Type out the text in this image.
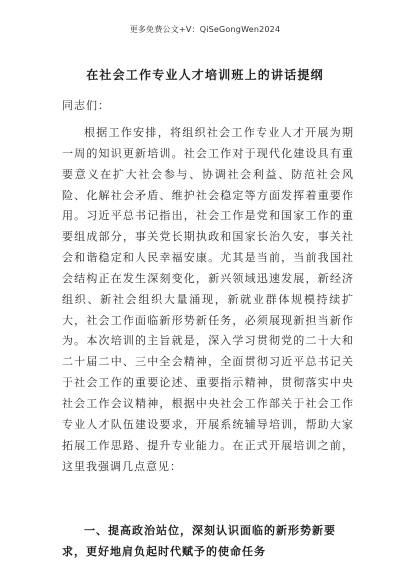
更多免费公文+V：QiSeGongWen2024
在社会工作专业人才培训班上的讲话提纲
同志们：

根据工作安排，将组织社会工作专业人才开展为期一周的知识更新培训。社会工作对于现代化建设具有重要意义在扩大社会参与、协调社会利益、防范社会风险、化解社会矛盾、维护社会稳定等方面发挥着重要作用。习近平总书记指出，社会工作是党和国家工作的重要组成部分，事关党长期执政和国家长治久安，事关社会和谐稳定和人民幸福安康。尤其是当前，当前我国社会结构正在发生深刻变化，新兴领域迅速发展，新经济组织、新社会组织大量涌现，新就业群体规模持续扩大，社会工作面临新形势新任务，必须展现新担当新作为。本次培训的主旨就是，深入学习贯彻党的二十大和二十届二中、三中全会精神，全面贯彻习近平总书记关于社会工作的重要论述、重要指示精神，贯彻落实中央社会工作会议精神，根据中央社会工作部关于社会工作专业人才队伍建设要求，开展系统辅导培训，帮助大家拓展工作思路、提升专业能力。在正式开展培训之前，这里我强调几点意见：

一、提高政治站位，深刻认识面临的新形势新要求，更好地肩负起时代赋予的使命任务
